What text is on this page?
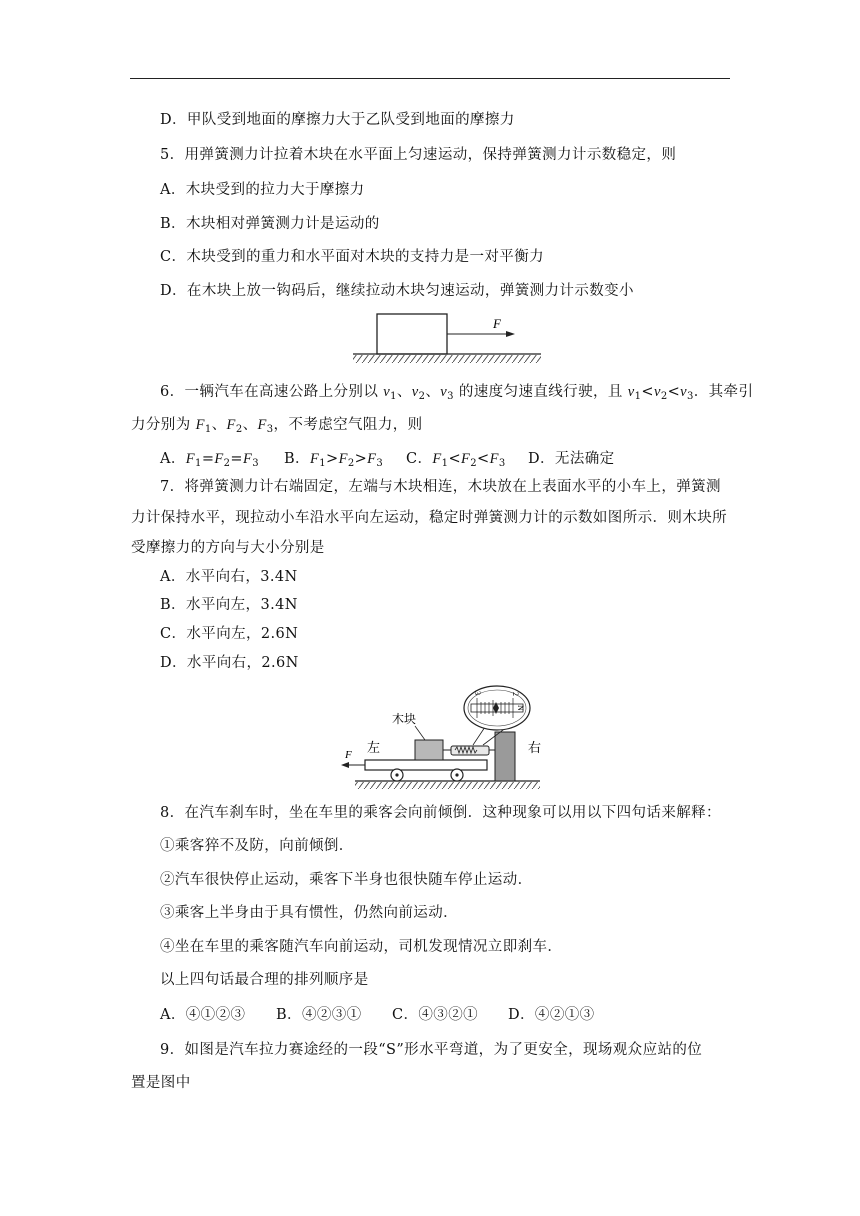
D．甲队受到地面的摩擦力大于乙队受到地面的摩擦力
5．用弹簧测力计拉着木块在水平面上匀速运动，保持弹簧测力计示数稳定，则
A．木块受到的拉力大于摩擦力
B．木块相对弹簧测力计是运动的
C．木块受到的重力和水平面对木块的支持力是一对平衡力
D．在木块上放一钩码后，继续拉动木块匀速运动，弹簧测力计示数变小
F
6．一辆汽车在高速公路上分别以 $v_1$、$v_2$、$v_3$ 的速度匀速直线行驶，且 $v_1<v_2<v_3$．其牵引
力分别为 $F_1$、$F_2$、$F_3$，不考虑空气阻力，则
A．$F_1=F_2=F_3$ B．$F_1>F_2>F_3$ C．$F_1<F_2<F_3$ D．无法确定
7．将弹簧测力计右端固定，左端与木块相连，木块放在上表面水平的小车上，弹簧测
力计保持水平，现拉动小车沿水平向左运动，稳定时弹簧测力计的示数如图所示．则木块所
受摩擦力的方向与大小分别是
A．水平向右，3.4N
B．水平向左，3.4N
C．水平向左，2.6N
D．水平向右，2.6N
F 左
木块
右
3	2
N
8．在汽车刹车时，坐在车里的乘客会向前倾倒．这种现象可以用以下四句话来解释：
①乘客猝不及防，向前倾倒．
②汽车很快停止运动，乘客下半身也很快随车停止运动．
③乘客上半身由于具有惯性，仍然向前运动．
④坐在车里的乘客随汽车向前运动，司机发现情况立即刹车．
以上四句话最合理的排列顺序是
A．④①②③ B．④②③① C．④③②① D．④②①③
9．如图是汽车拉力赛途经的一段“S”形水平弯道，为了更安全，现场观众应站的位
置是图中
